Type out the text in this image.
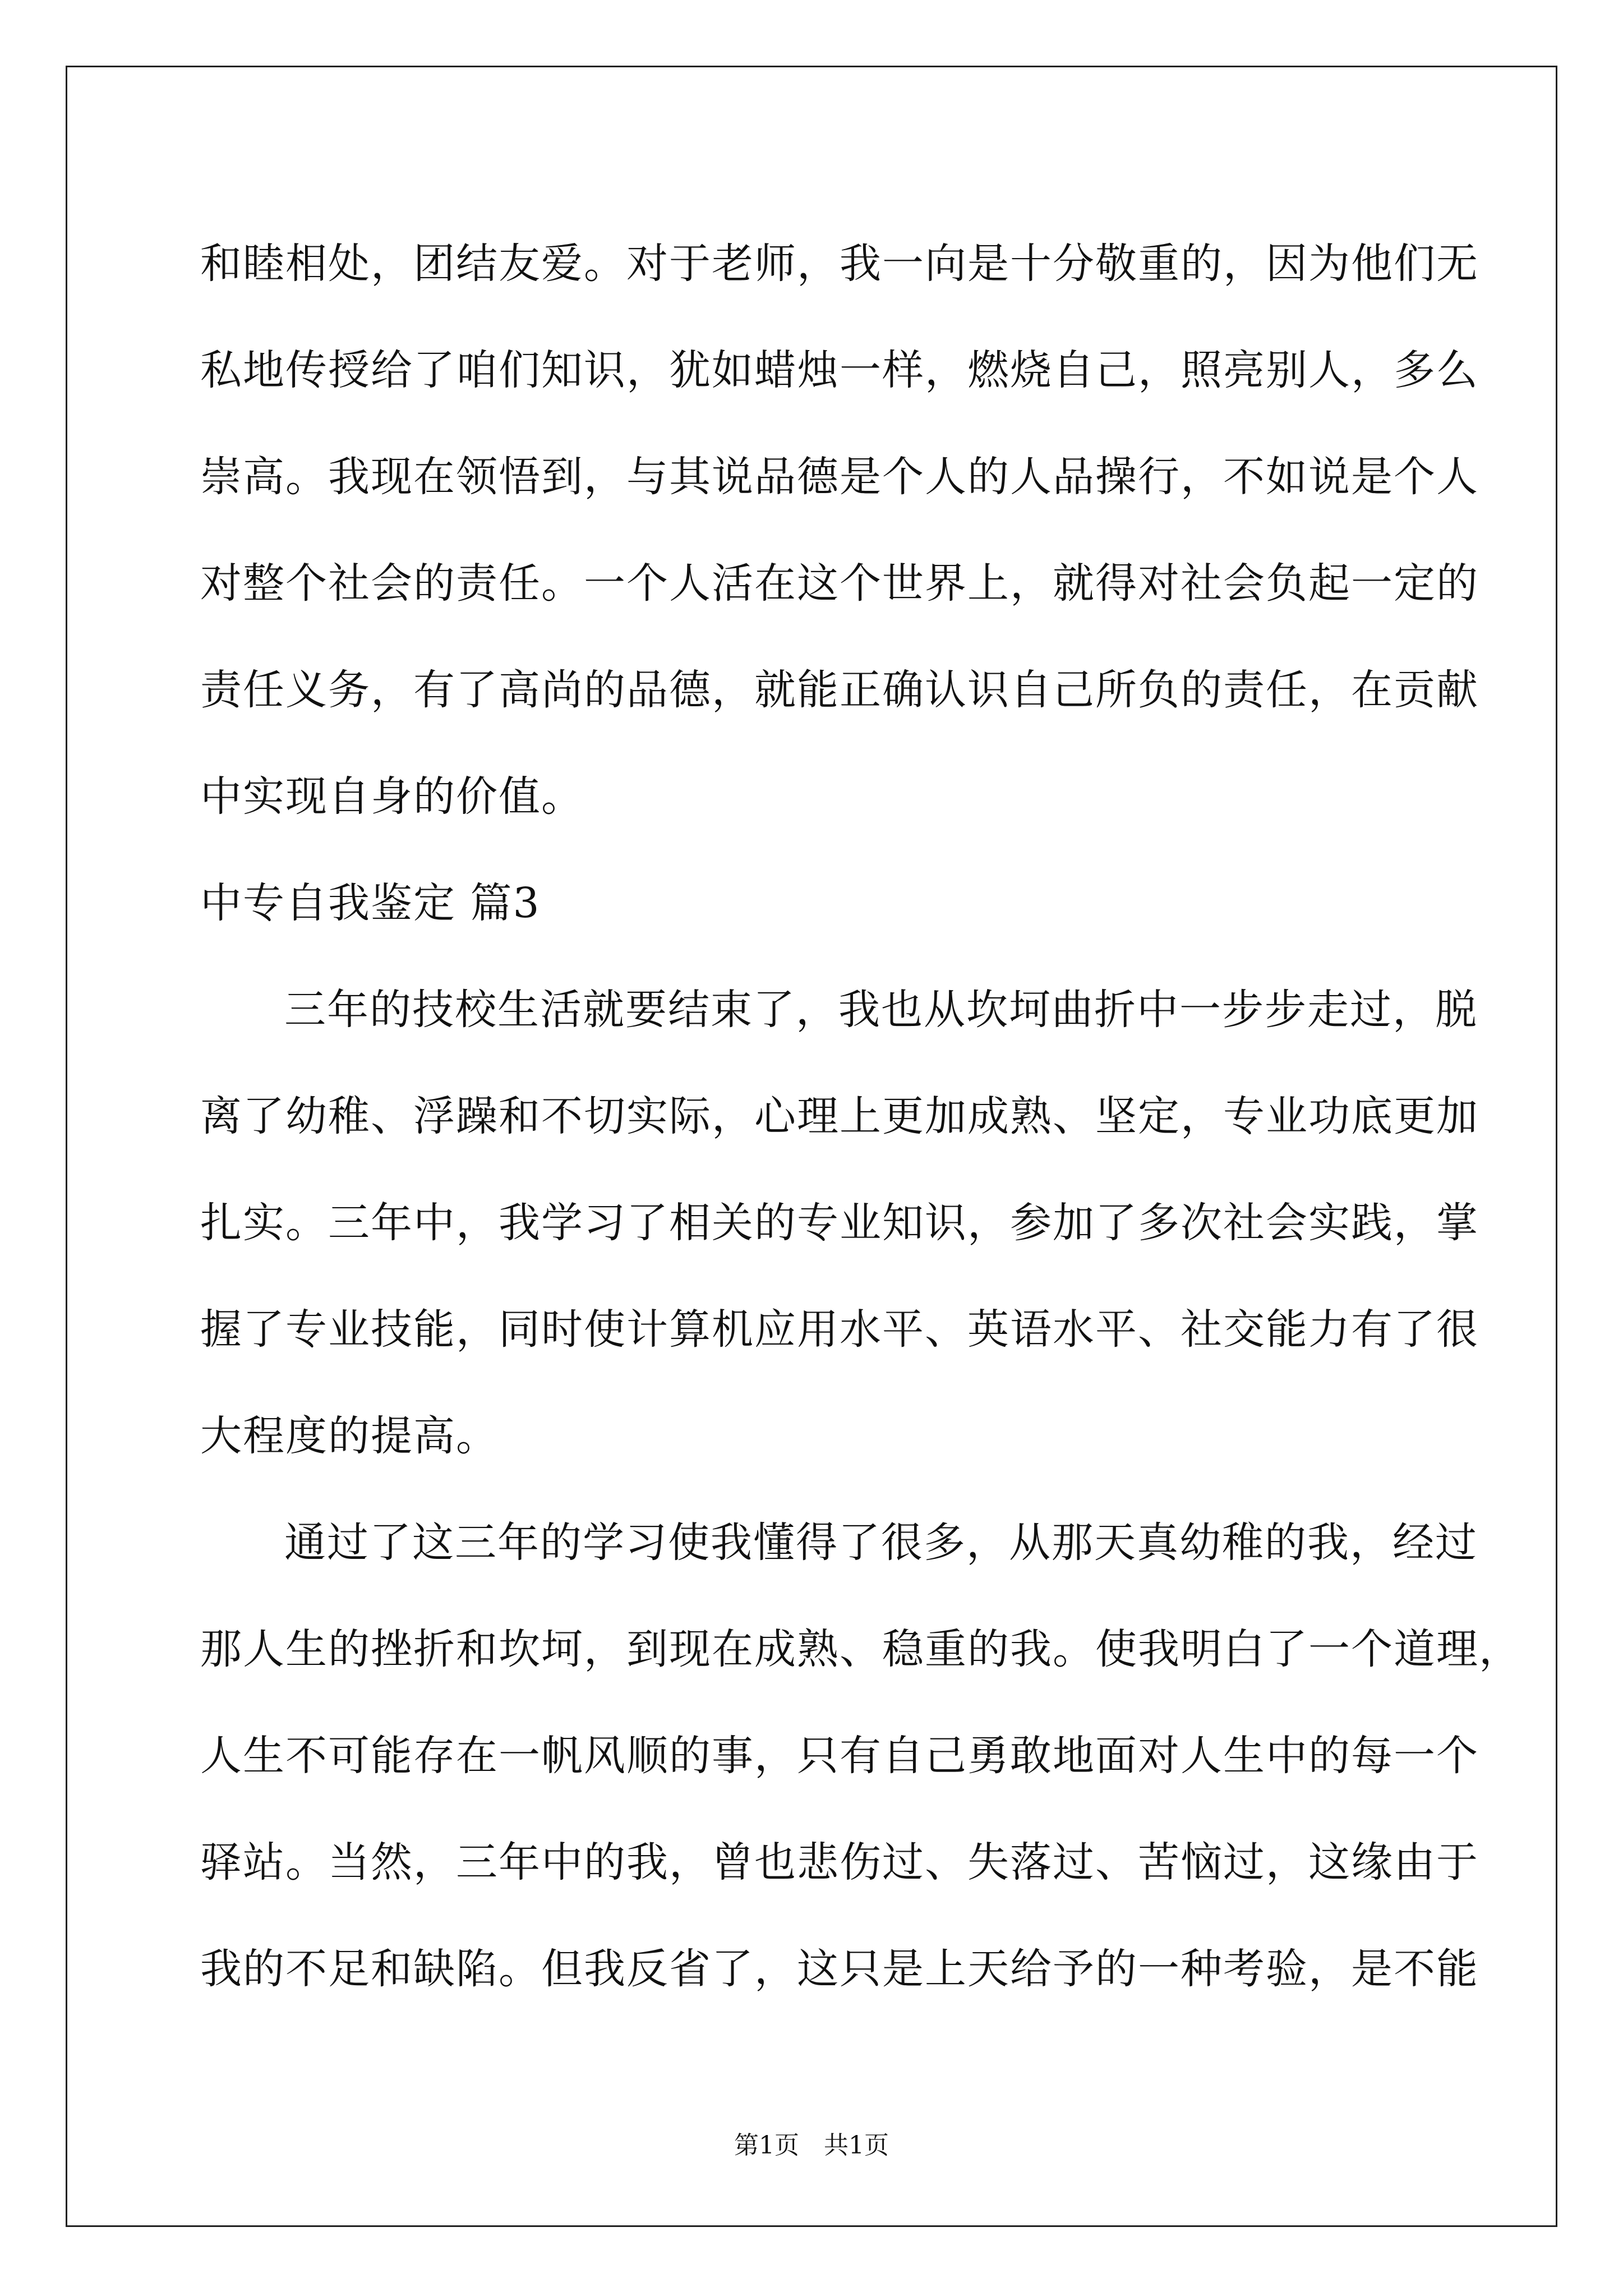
和睦相处，团结友爱。对于老师，我一向是十分敬重的，因为他们无
私地传授给了咱们知识，犹如蜡烛一样，燃烧自己，照亮别人，多么
崇高。我现在领悟到，与其说品德是个人的人品操行，不如说是个人
对整个社会的责任。一个人活在这个世界上，就得对社会负起一定的
责任义务，有了高尚的品德，就能正确认识自己所负的责任，在贡献
中实现自身的价值。
中专自我鉴定 篇3
三年的技校生活就要结束了，我也从坎坷曲折中一步步走过，脱
离了幼稚、浮躁和不切实际，心理上更加成熟、坚定，专业功底更加
扎实。三年中，我学习了相关的专业知识，参加了多次社会实践，掌
握了专业技能，同时使计算机应用水平、英语水平、社交能力有了很
大程度的提高。
通过了这三年的学习使我懂得了很多，从那天真幼稚的我，经过
那人生的挫折和坎坷，到现在成熟、稳重的我。使我明白了一个道理，
人生不可能存在一帆风顺的事，只有自己勇敢地面对人生中的每一个
驿站。当然，三年中的我，曾也悲伤过、失落过、苦恼过，这缘由于
我的不足和缺陷。但我反省了，这只是上天给予的一种考验，是不能
第1页　共1页
